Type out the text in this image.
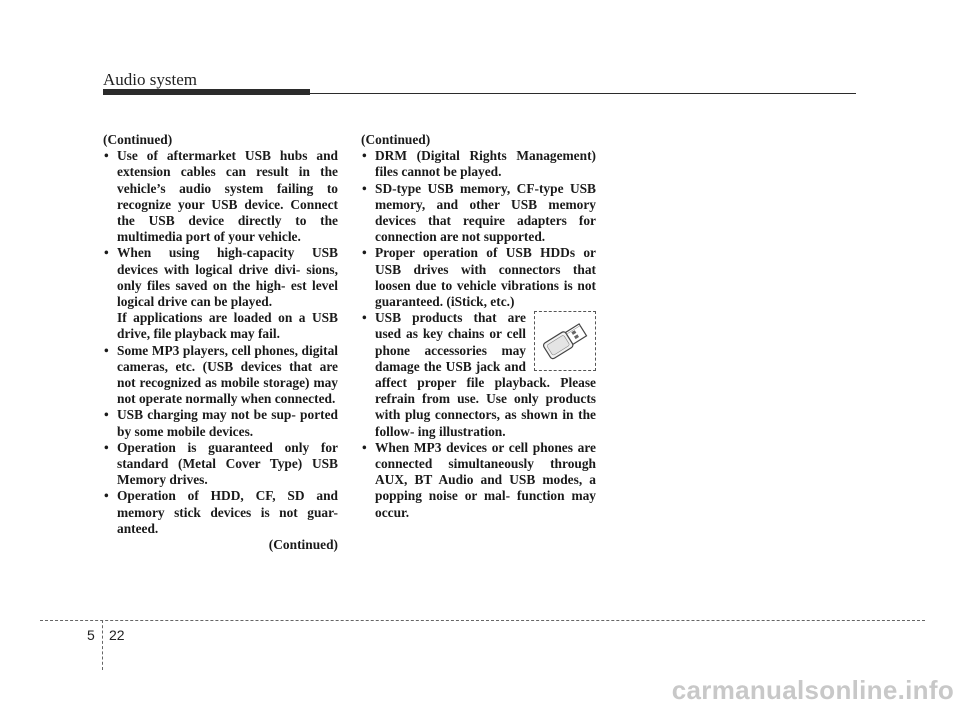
Audio system
(Continued)
• Use of aftermarket USB hubs and extension cables can result in the vehicle’s audio system failing to recognize your USB device. Connect the USB device directly to the multimedia port of your vehicle.
• When using high-capacity USB devices with logical drive divi- sions, only files saved on the high- est level logical drive can be played.
If applications are loaded on a USB drive, file playback may fail.
• Some MP3 players, cell phones, digital cameras, etc. (USB devices that are not recognized as mobile storage) may not operate normally when connected.
• USB charging may not be sup- ported by some mobile devices.
• Operation is guaranteed only for standard (Metal Cover Type) USB Memory drives.
• Operation of HDD, CF, SD and memory stick devices is not guar- anteed.
(Continued)
(Continued)
• DRM (Digital Rights Management) files cannot be played.
• SD-type USB memory, CF-type USB memory, and other USB memory devices that require adapters for connection are not supported.
• Proper operation of USB HDDs or USB drives with connectors that loosen due to vehicle vibrations is not guaranteed. (iStick, etc.)
• USB products that are used as key chains or cell phone accessories may damage the USB jack and affect proper file playback. Please refrain from use. Use only products with plug connectors, as shown in the follow- ing illustration.
• When MP3 devices or cell phones are connected simultaneously through AUX, BT Audio and USB modes, a popping noise or mal- function may occur.
5 22
carmanualsonline.info
